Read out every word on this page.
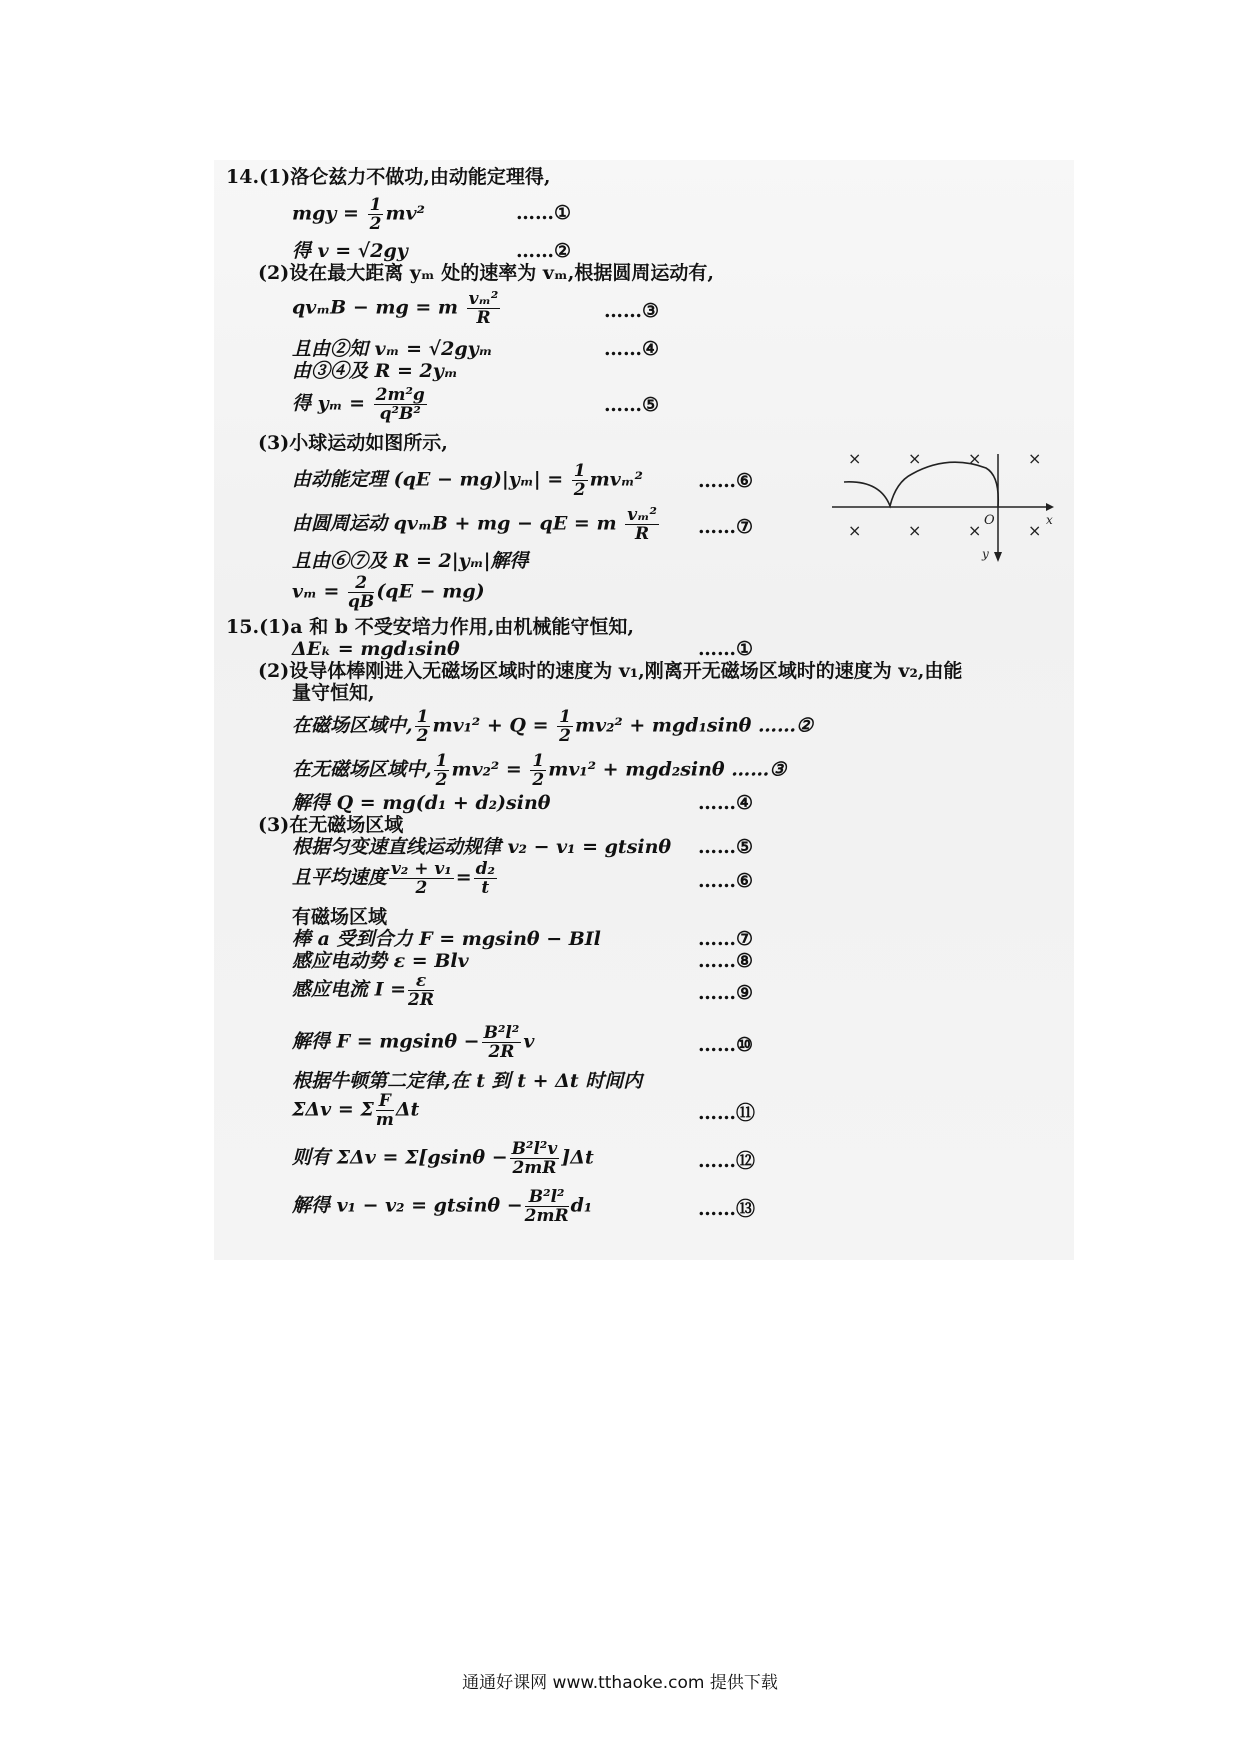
14.(1)洛仑兹力不做功,由动能定理得,
mgy = $\frac{1}{2} mv^2$	……①
得 v = √2gy	……②
(2)设在最大距离 yₘ 处的速率为 vₘ,根据圆周运动有,
qvₘB − mg = m $\frac{\text{vₘ²}}{R}$	……③
且由②知 vₘ = √2gyₘ	……④
由③④及 R = 2yₘ
得 $y_m = \frac{\text{2m²g}}{\text{q²B²}}$	……⑤
(3)小球运动如图所示,
由动能定理 $(qE - mg)|y_m| = \frac{1}{2} mv_m^2$	……⑥
由圆周运动 qvₘB + mg − qE = m $\frac{\text{vₘ²}}{R}$ ……⑦
且由⑥⑦及 R = 2|yₘ|解得
$v_m = \frac{2}{qB} (qE - mg)$
×	×	×	×
×	×	×	×
O	x
y
15.(1)a 和 b 不受安培力作用,由机械能守恒知,
ΔEₖ = mgd₁sinθ	……①
(2)设导体棒刚进入无磁场区域时的速度为 v₁,刚离开无磁场区域时的速度为 v₂,由能
量守恒知,
在磁场区域中, $\frac{1}{2} mv_1^2 + Q = \frac{1}{2} mv_2^2 + mgd_1\sin\theta$ ……②
在无磁场区域中, $\frac{1}{2} mv_2^2 = \frac{1}{2} mv_1^2 + mgd_2\sin\theta$ ……③
解得 Q = mg(d₁ + d₂)sinθ	……④
(3)在无磁场区域
根据匀变速直线运动规律 v₂ − v₁ = gtsinθ ……⑤
且平均速度 $\frac{\text{v₂ + v₁}}{2} = \frac{\text{d₂}}{t}$	……⑥
有磁场区域
棒 a 受到合力 F = mgsinθ − BIl	……⑦
感应电动势 ε = Blv	……⑧
感应电流 $I = \frac{\varepsilon}{2R}$	……⑨
解得 $F = mgsin\theta - \frac{\text{B²l²}}{2R}$ v	……⑩
根据牛顿第二定律,在 t 到 t + Δt 时间内
ΣΔv = Σ $\frac{F}{m}$ Δt	……⑪
则有 $\Sigma\Delta v = \Sigma[gsin\theta - \frac{\text{B²l²v}}{2mR} ]\Delta t$	……⑫
解得 $v_1 - v_2 = gtsin\theta - \frac{\text{B²l²}}{2mR} d_1$	……⑬
通通好课网 www.tthaoke.com 提供下载
